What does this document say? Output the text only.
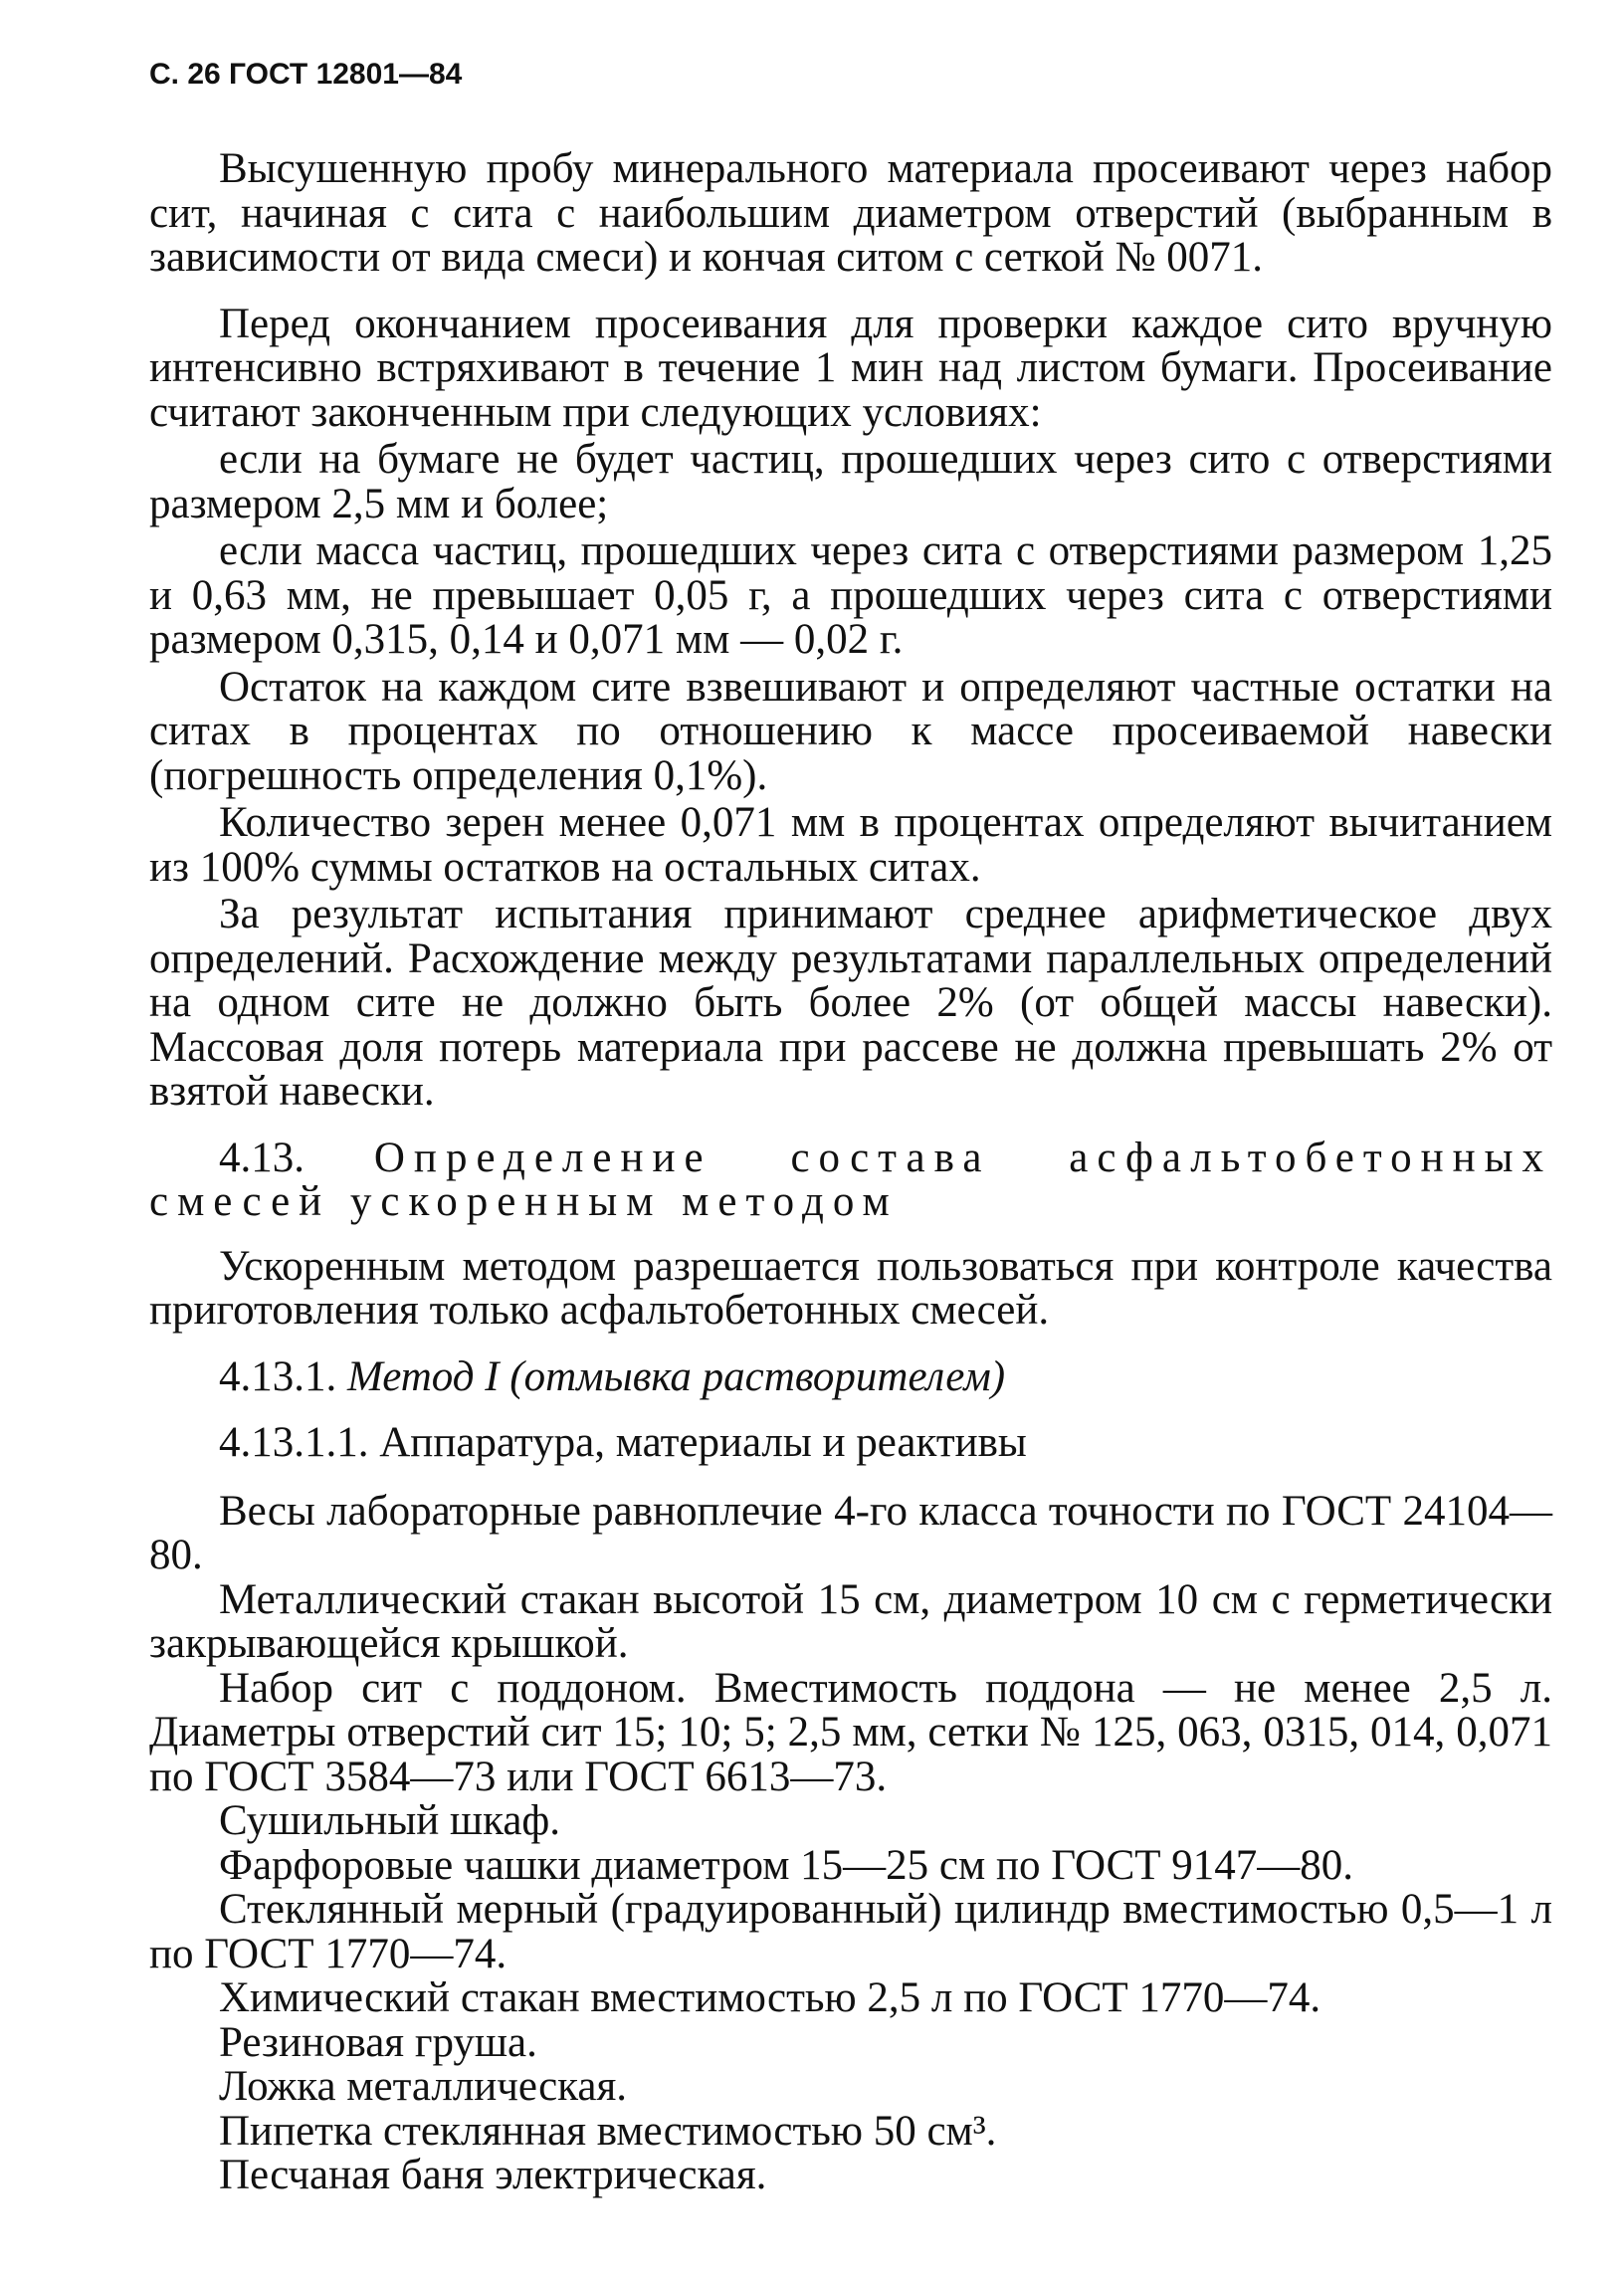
С. 26 ГОСТ 12801—84
Высушенную пробу минерального материала просеивают через набор сит, начиная с сита с наибольшим диаметром отверстий (выбранным в зависимости от вида смеси) и кончая ситом с сеткой № 0071.
Перед окончанием просеивания для проверки каждое сито вручную интенсивно встряхивают в течение 1 мин над листом бумаги. Просеивание считают законченным при следующих условиях:
если на бумаге не будет частиц, прошедших через сито с отверстиями размером 2,5 мм и более;
если масса частиц, прошедших через сита с отверстиями размером 1,25 и 0,63 мм, не превышает 0,05 г, а прошедших через сита с отверстиями размером 0,315, 0,14 и 0,071 мм — 0,02 г.
Остаток на каждом сите взвешивают и определяют частные остатки на ситах в процентах по отношению к массе просеиваемой навески (погрешность определения 0,1%).
Количество зерен менее 0,071 мм в процентах определяют вычитанием из 100% суммы остатков на остальных ситах.
За результат испытания принимают среднее арифметическое двух определений. Расхождение между результатами параллельных определений на одном сите не должно быть более 2% (от общей массы навески). Массовая доля потерь материала при рассеве не должна превышать 2% от взятой навески.
4.13. Определение состава асфальтобетонных смесей ускоренным методом
Ускоренным методом разрешается пользоваться при контроле качества приготовления только асфальтобетонных смесей.
4.13.1. Метод I (отмывка растворителем)
4.13.1.1. Аппаратура, материалы и реактивы
Весы лабораторные равноплечие 4-го класса точности по ГОСТ 24104—80.
Металлический стакан высотой 15 см, диаметром 10 см с герметически закрывающейся крышкой.
Набор сит с поддоном. Вместимость поддона — не менее 2,5 л. Диаметры отверстий сит 15; 10; 5; 2,5 мм, сетки № 125, 063, 0315, 014, 0,071 по ГОСТ 3584—73 или ГОСТ 6613—73.
Сушильный шкаф.
Фарфоровые чашки диаметром 15—25 см по ГОСТ 9147—80.
Стеклянный мерный (градуированный) цилиндр вместимостью 0,5—1 л по ГОСТ 1770—74.
Химический стакан вместимостью 2,5 л по ГОСТ 1770—74.
Резиновая груша.
Ложка металлическая.
Пипетка стеклянная вместимостью 50 см³.
Песчаная баня электрическая.
